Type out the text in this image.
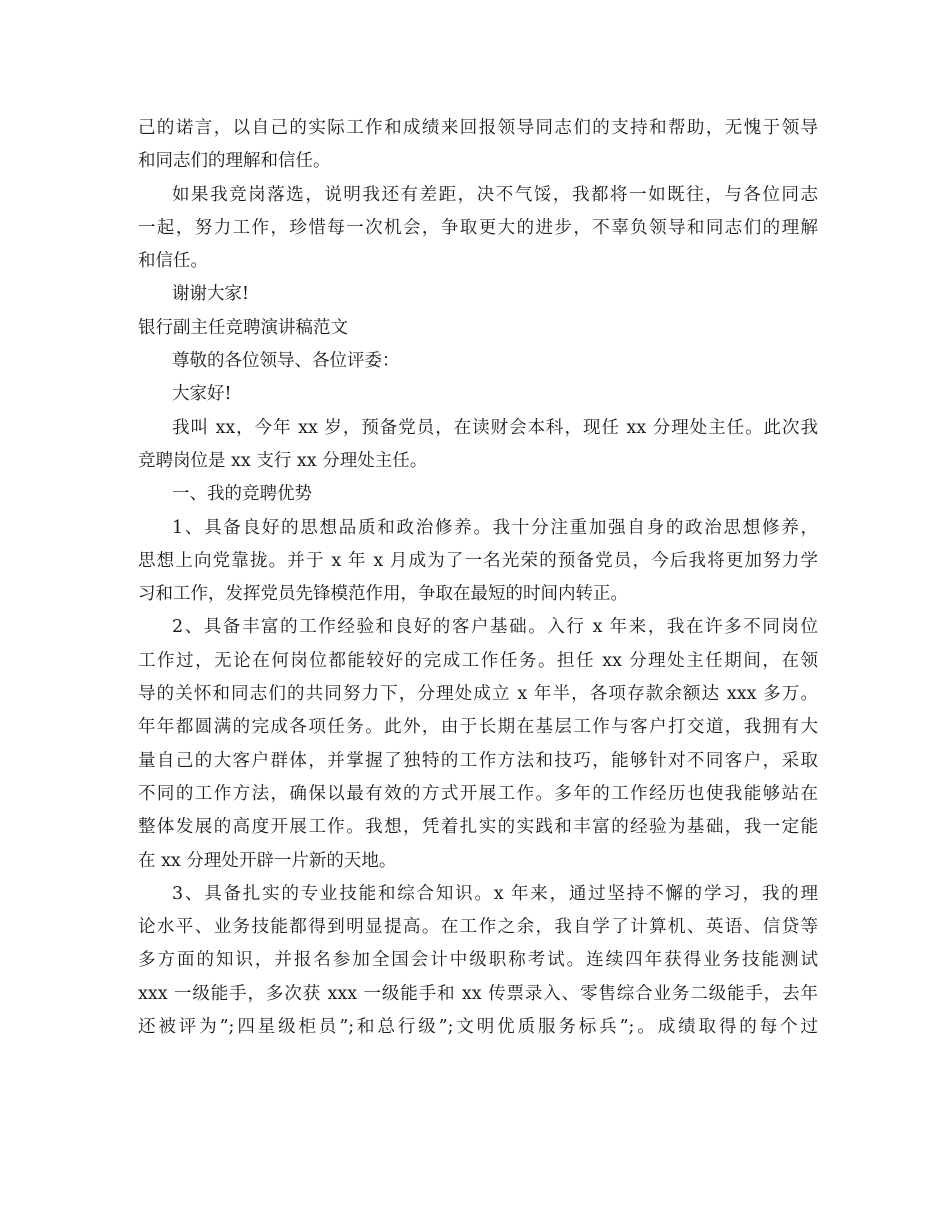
己的诺言，以自己的实际工作和成绩来回报领导同志们的支持和帮助，无愧于领导
和同志们的理解和信任。
如果我竞岗落选，说明我还有差距，决不气馁，我都将一如既往，与各位同志
一起，努力工作，珍惜每一次机会，争取更大的进步，不辜负领导和同志们的理解
和信任。
谢谢大家!
银行副主任竞聘演讲稿范文
尊敬的各位领导、各位评委：
大家好!
我叫 xx，今年 xx 岁，预备党员，在读财会本科，现任 xx 分理处主任。此次我
竞聘岗位是 xx 支行 xx 分理处主任。
一、我的竞聘优势
1、具备良好的思想品质和政治修养。我十分注重加强自身的政治思想修养，
思想上向党靠拢。并于 x 年 x 月成为了一名光荣的预备党员，今后我将更加努力学
习和工作，发挥党员先锋模范作用，争取在最短的时间内转正。
2、具备丰富的工作经验和良好的客户基础。入行 x 年来，我在许多不同岗位
工作过，无论在何岗位都能较好的完成工作任务。担任 xx 分理处主任期间，在领
导的关怀和同志们的共同努力下，分理处成立 x 年半，各项存款余额达 xxx 多万。
年年都圆满的完成各项任务。此外，由于长期在基层工作与客户打交道，我拥有大
量自己的大客户群体，并掌握了独特的工作方法和技巧，能够针对不同客户，采取
不同的工作方法，确保以最有效的方式开展工作。多年的工作经历也使我能够站在
整体发展的高度开展工作。我想，凭着扎实的实践和丰富的经验为基础，我一定能
在 xx 分理处开辟一片新的天地。
3、具备扎实的专业技能和综合知识。x 年来，通过坚持不懈的学习，我的理
论水平、业务技能都得到明显提高。在工作之余，我自学了计算机、英语、信贷等
多方面的知识，并报名参加全国会计中级职称考试。连续四年获得业务技能测试
xxx 一级能手，多次获 xxx 一级能手和 xx 传票录入、零售综合业务二级能手，去年
还被评为”;四星级柜员”;和总行级”;文明优质服务标兵”;。成绩取得的每个过
